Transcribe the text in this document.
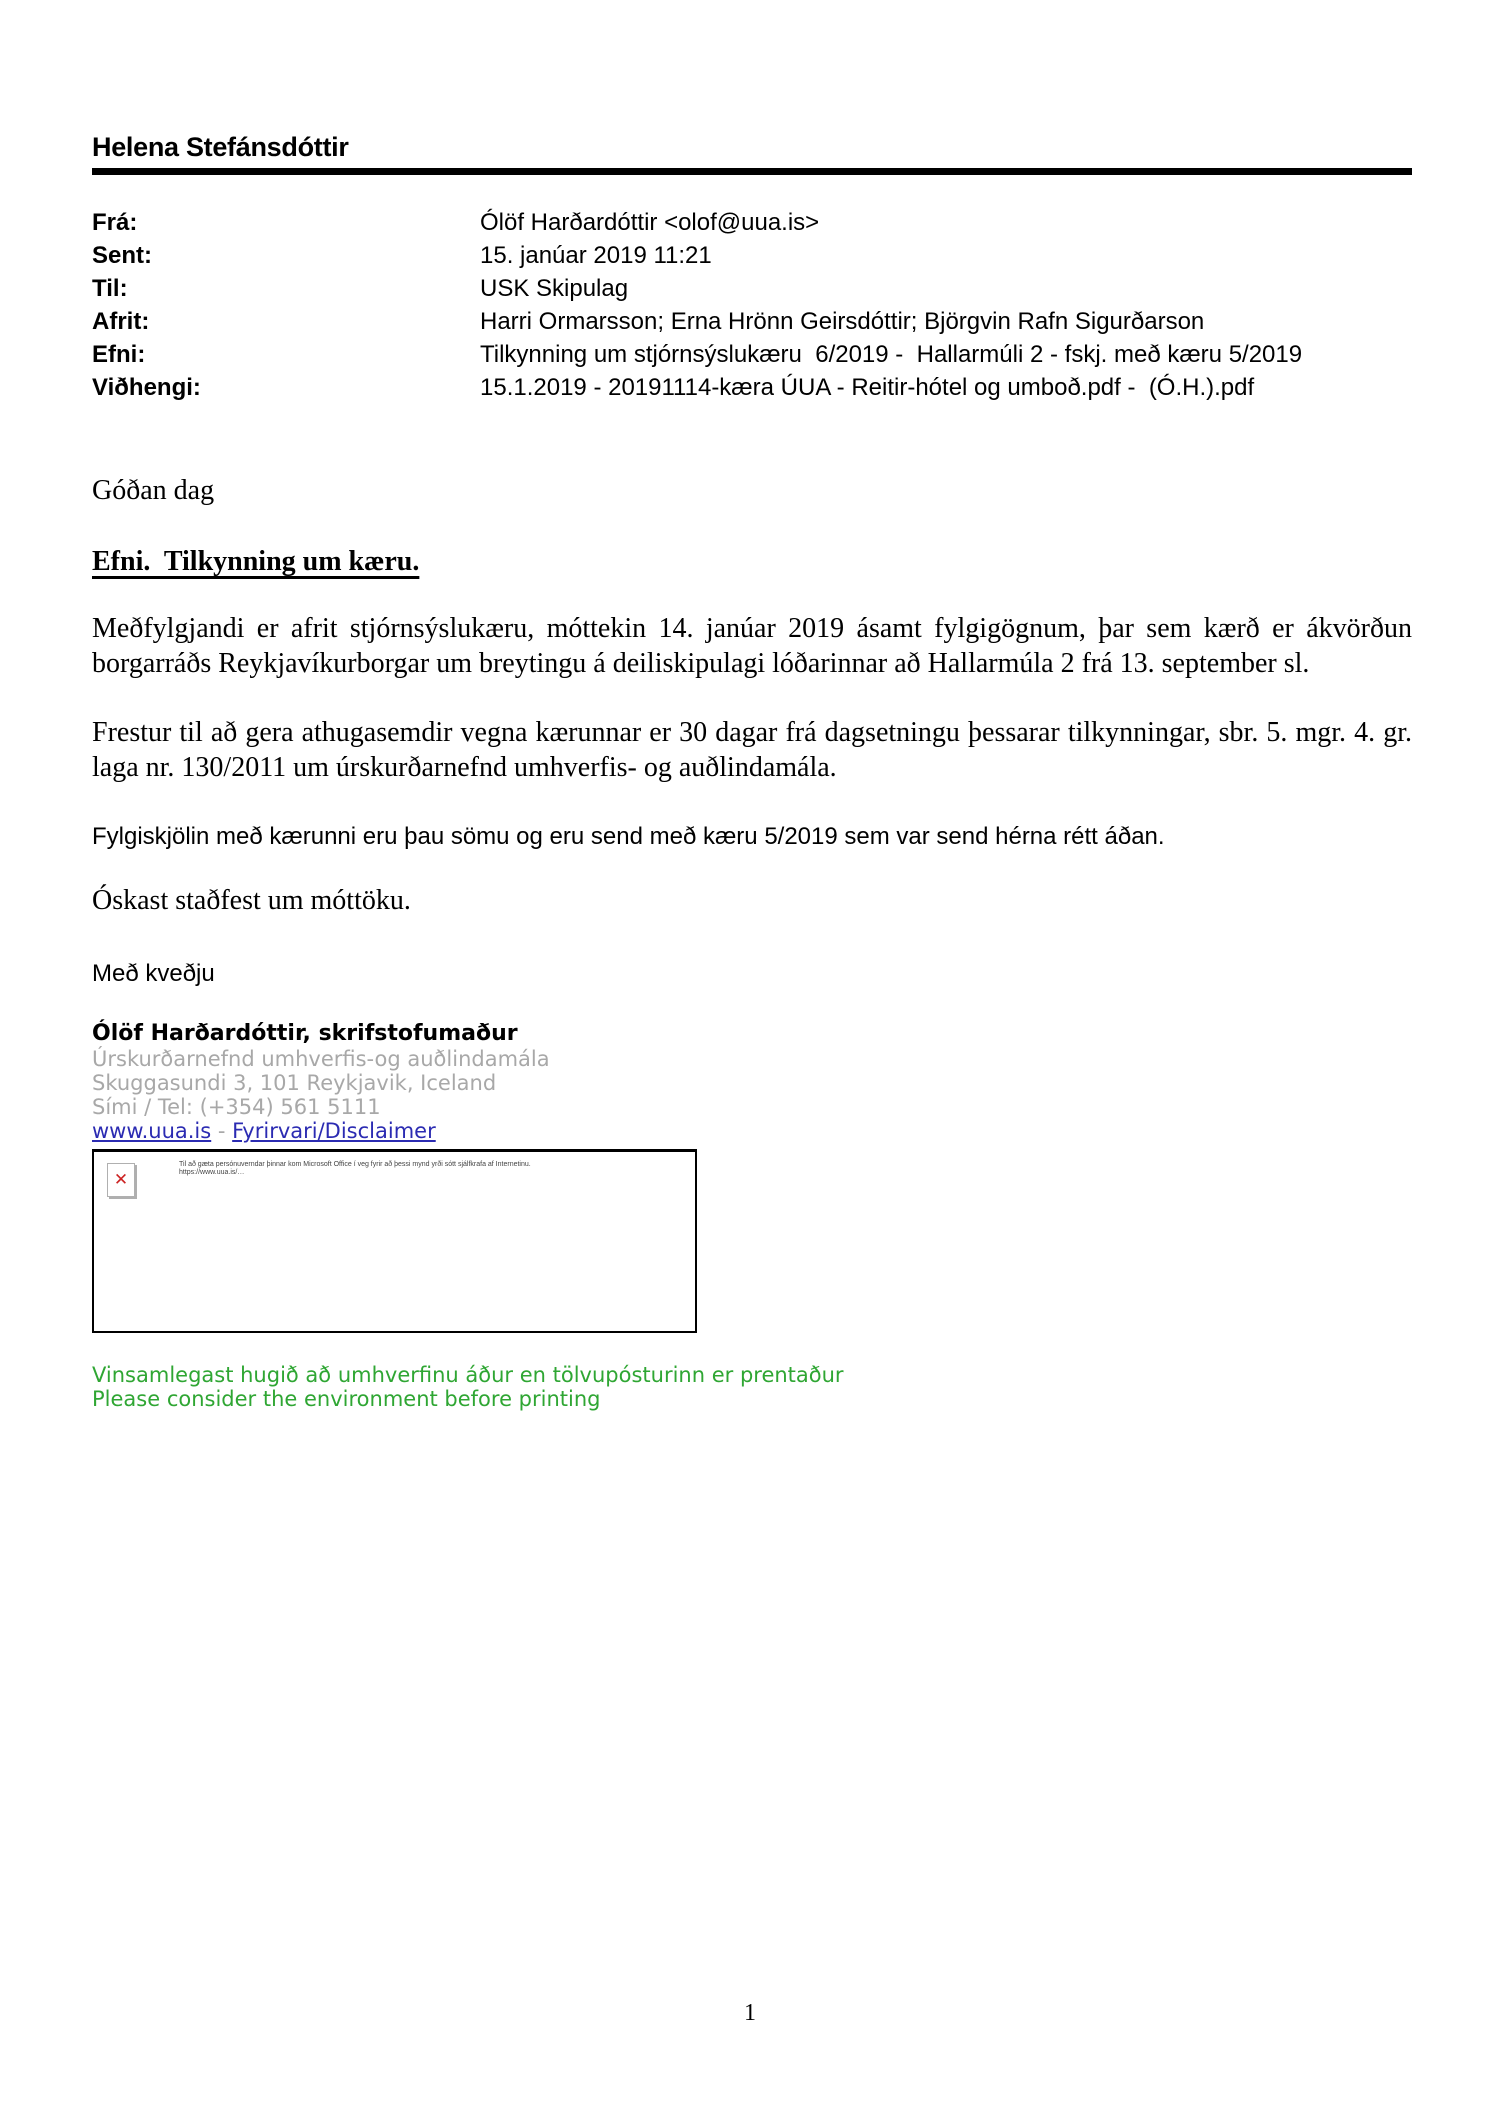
Helena Stefánsdóttir
Frá:	Ólöf Harðardóttir <olof@uua.is>
Sent:	15. janúar 2019 11:21
Til:	USK Skipulag
Afrit:	Harri Ormarsson; Erna Hrönn Geirsdóttir; Björgvin Rafn Sigurðarson
Efni:	Tilkynning um stjórnsýslukæru  6/2019 -  Hallarmúli 2 - fskj. með kæru 5/2019
Viðhengi:	15.1.2019 - 20191114-kæra ÚUA - Reitir-hótel og umboð.pdf -  (Ó.H.).pdf
Góðan dag
Efni.  Tilkynning um kæru.
Meðfylgjandi er afrit stjórnsýslukæru, móttekin 14. janúar 2019 ásamt fylgigögnum, þar sem kærð er ákvörðun borgarráðs Reykjavíkurborgar um breytingu á deiliskipulagi lóðarinnar að Hallarmúla 2 frá 13. september sl.
Frestur til að gera athugasemdir vegna kærunnar er 30 dagar frá dagsetningu þessarar tilkynningar, sbr. 5. mgr. 4. gr. laga nr. 130/2011 um úrskurðarnefnd umhverfis- og auðlindamála.
Fylgiskjölin með kærunni eru þau sömu og eru send með kæru 5/2019 sem var send hérna rétt áðan.
Óskast staðfest um móttöku.
Með kveðju
Ólöf Harðardóttir, skrifstofumaður
Úrskurðarnefnd umhverfis-og auðlindamála
Skuggasundi 3, 101 Reykjavik, Iceland
Sími / Tel: (+354) 561 5111
www.uua.is - Fyrirvari/Disclaimer
✕
Til að gæta persónuverndar þinnar kom Microsoft Office í veg fyrir að þessi mynd yrði sótt sjálfkrafa af Internetinu.
https://www.uua.is/…
Vinsamlegast hugið að umhverfinu áður en tölvupósturinn er prentaður
Please consider the environment before printing
1
